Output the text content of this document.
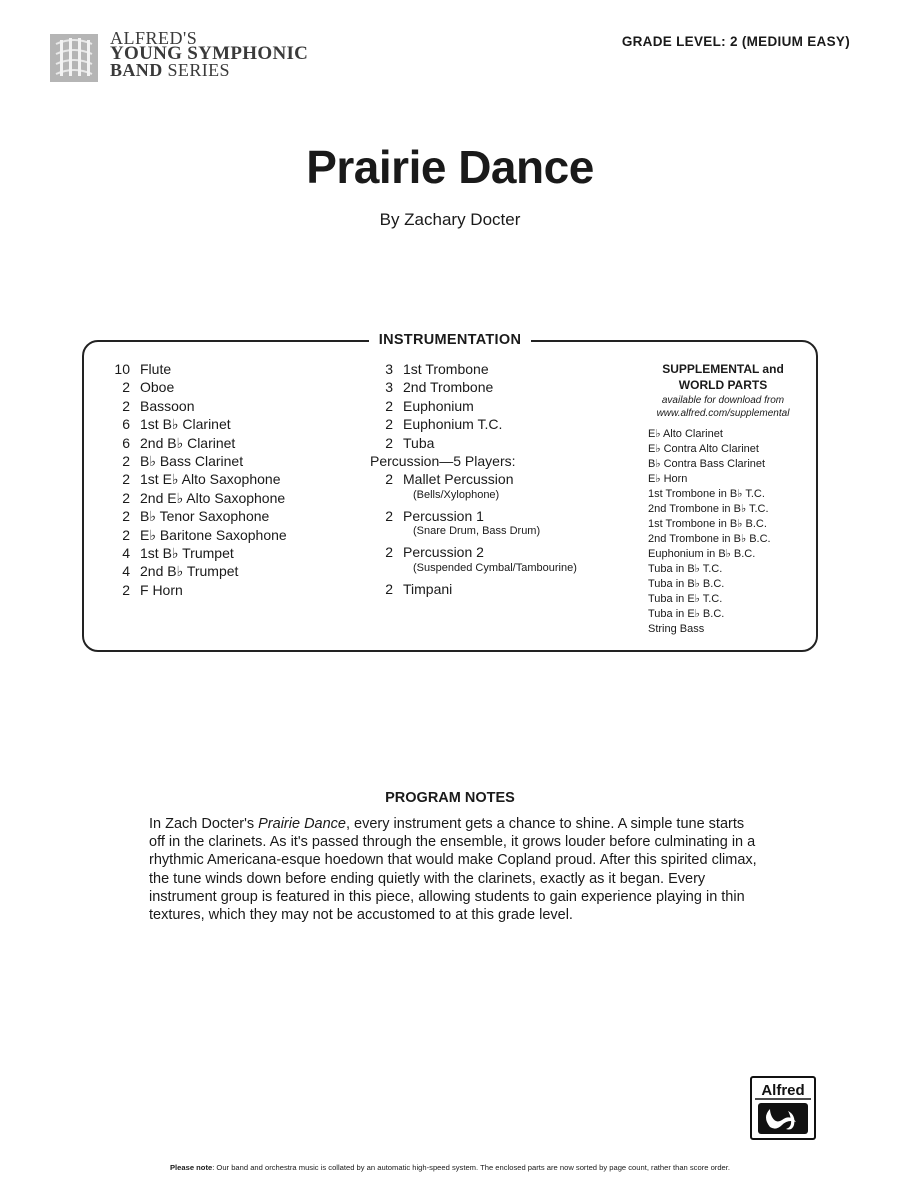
ALFRED'S
YOUNG SYMPHONIC
BAND SERIES
GRADE LEVEL: 2 (MEDIUM EASY)
Prairie Dance
By Zachary Docter
INSTRUMENTATION
10 Flute
2 Oboe
2 Bassoon
6 1st B♭ Clarinet
6 2nd B♭ Clarinet
2 B♭ Bass Clarinet
2 1st E♭ Alto Saxophone
2 2nd E♭ Alto Saxophone
2 B♭ Tenor Saxophone
2 E♭ Baritone Saxophone
4 1st B♭ Trumpet
4 2nd B♭ Trumpet
2 F Horn
3 1st Trombone
3 2nd Trombone
2 Euphonium
2 Euphonium T.C.
2 Tuba
Percussion—5 Players:
2 Mallet Percussion
(Bells/Xylophone)
2 Percussion 1
(Snare Drum, Bass Drum)
2 Percussion 2
(Suspended Cymbal/Tambourine)
2 Timpani
SUPPLEMENTAL and
WORLD PARTS
available for download from
www.alfred.com/supplemental
E♭ Alto Clarinet
E♭ Contra Alto Clarinet
B♭ Contra Bass Clarinet
E♭ Horn
1st Trombone in B♭ T.C.
2nd Trombone in B♭ T.C.
1st Trombone in B♭ B.C.
2nd Trombone in B♭ B.C.
Euphonium in B♭ B.C.
Tuba in B♭ T.C.
Tuba in B♭ B.C.
Tuba in E♭ T.C.
Tuba in E♭ B.C.
String Bass
PROGRAM NOTES
In Zach Docter's Prairie Dance, every instrument gets a chance to shine. A simple tune starts off in the clarinets. As it's passed through the ensemble, it grows louder before culminating in a rhythmic Americana-esque hoedown that would make Copland proud. After this spirited climax, the tune winds down before ending quietly with the clarinets, exactly as it began. Every instrument group is featured in this piece, allowing students to gain experience playing in thin textures, which they may not be accustomed to at this grade level.
Alfred
Please note: Our band and orchestra music is collated by an automatic high-speed system. The enclosed parts are now sorted by page count, rather than score order.
